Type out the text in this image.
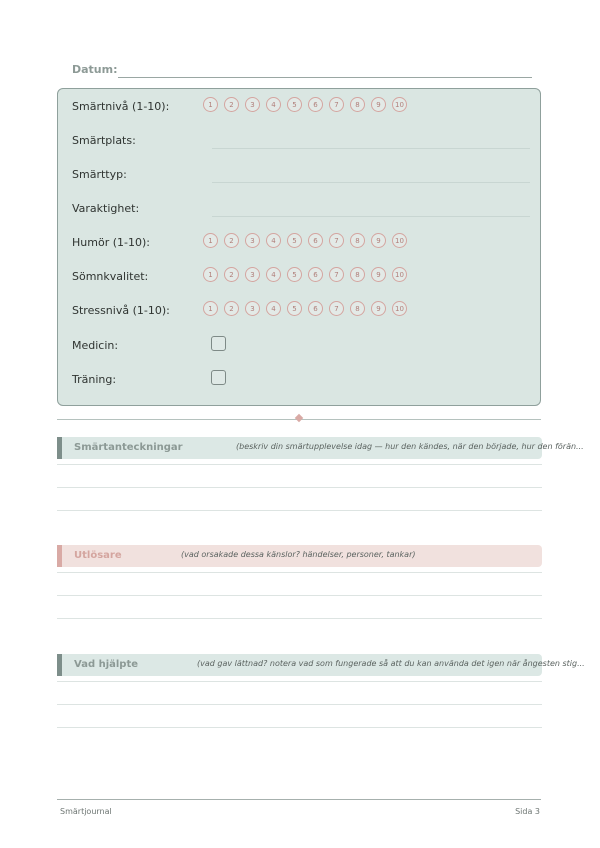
Datum:
Smärtnivå (1-10):	1	2	3	4	5	6	7	8	9	10
Smärtplats:
Smärttyp:
Varaktighet:
Humör (1-10):	1	2	3	4	5	6	7	8	9	10
Sömnkvalitet:	1	2	3	4	5	6	7	8	9	10
Stressnivå (1-10):	1	2	3	4	5	6	7	8	9	10
Medicin:
Träning:
Smärtanteckningar	(beskriv din smärtupplevelse idag — hur den kändes, när den började, hur den förän...
Utlösare	(vad orsakade dessa känslor? händelser, personer, tankar)
Vad hjälpte	(vad gav lättnad? notera vad som fungerade så att du kan använda det igen när ångesten stig...
Smärtjournal	Sida 3
